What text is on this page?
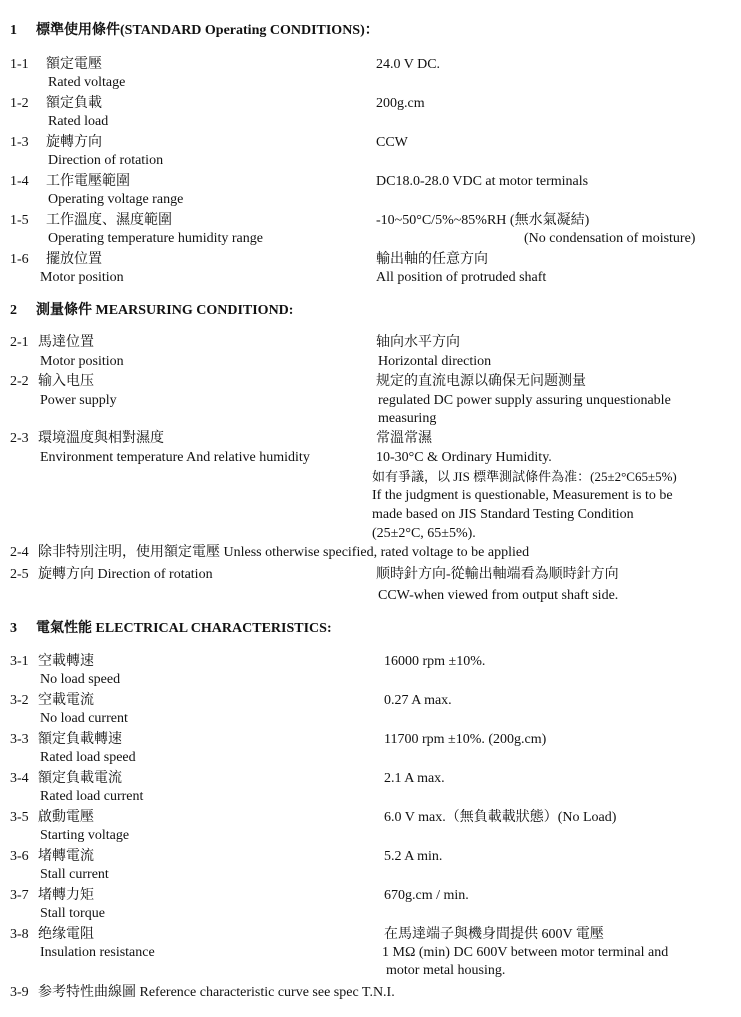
1 標準使用條件(STANDARD Operating CONDITIONS)：
1-1 額定電壓
Rated voltage
24.0 V DC.
1-2 額定負載
Rated load
200g.cm
1-3 旋轉方向
Direction of rotation
CCW
1-4 工作電壓範圍
Operating voltage range
DC18.0-28.0 VDC at motor terminals
1-5 工作溫度、濕度範圍
Operating temperature humidity range
-10~50°C/5%~85%RH (無水氣凝結)
(No condensation of moisture)
1-6 擺放位置
Motor position
輸出軸的任意方向
All position of protruded shaft
2 測量條件 MEARSURING CONDITIOND:
2-1 馬達位置
Motor position
轴向水平方向
Horizontal direction
2-2 输入电压
Power supply
规定的直流电源以确保无问题测量
regulated DC power supply assuring unquestionable
measuring
2-3 環境溫度與相對濕度
Environment temperature And relative humidity
常溫常濕
10-30°C & Ordinary Humidity.
如有爭議，以 JIS 標準測試條件為准：(25±2°C65±5%)
If the judgment is questionable, Measurement is to be
made based on JIS Standard Testing Condition
(25±2°C, 65±5%).
2-4 除非特別注明，使用額定電壓 Unless otherwise specified, rated voltage to be applied
2-5 旋轉方向 Direction of rotation	顺時針方向-從輸出軸端看為顺時針方向
CCW-when viewed from output shaft side.
3 電氣性能 ELECTRICAL CHARACTERISTICS:
3-1 空載轉速
No load speed
16000 rpm ±10%.
3-2 空載電流
No load current
0.27 A max.
3-3 額定負載轉速
Rated load speed
11700 rpm ±10%. (200g.cm)
3-4 額定負載電流
Rated load current
2.1 A max.
3-5 啟動電壓
Starting voltage
6.0 V max.（無負載載狀態）(No Load)
3-6 堵轉電流
Stall current
5.2 A min.
3-7 堵轉力矩
Stall torque
670g.cm / min.
3-8 绝缘電阻
Insulation resistance
在馬達端子與機身間提供 600V 電壓
1 MΩ (min) DC 600V between motor terminal and
motor metal housing.
3-9 参考特性曲線圖 Reference characteristic curve see spec T.N.I.
